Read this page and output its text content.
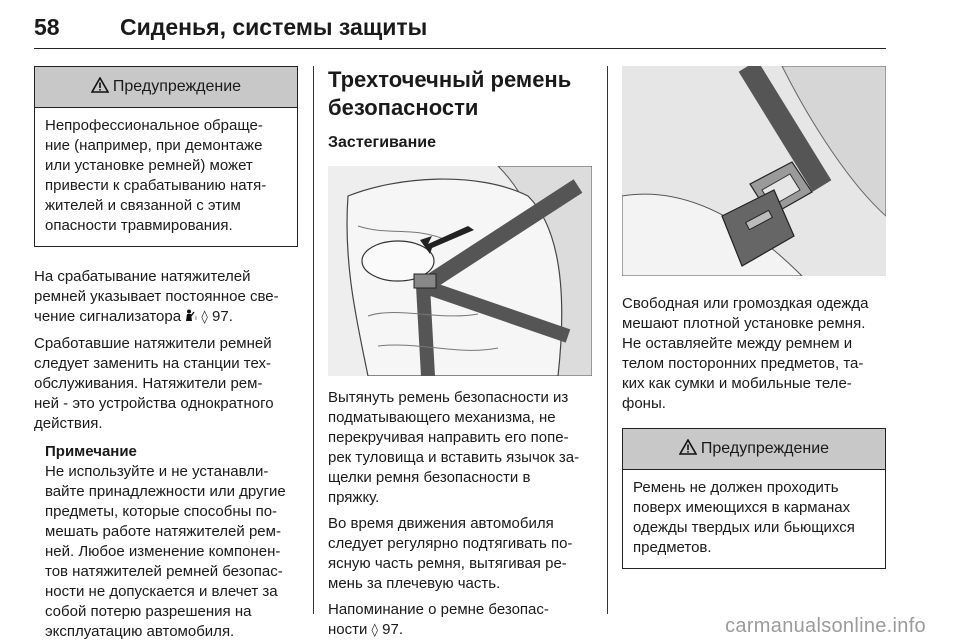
58	Сиденья, системы защиты
Предупреждение
Непрофессиональное обраще-
ние (например, при демонтаже
или установке ремней) может
привести к срабатыванию натя-
жителей и связанной с этим
опасности травмирования.

На срабатывание натяжителей
ремней указывает постоянное све-
чение сигнализатора ◊ 97.

Сработавшие натяжители ремней
следует заменить на станции тех-
обслуживания. Натяжители рем-
ней - это устройства однократного
действия.

Примечание

Не используйте и не устанавли-
вайте принадлежности или другие
предметы, которые способны по-
мешать работе натяжителей рем-
ней. Любое изменение компонен-
тов натяжителей ремней безопас-
ности не допускается и влечет за
собой потерю разрешения на
эксплуатацию автомобиля.

Трехточечный ремень
безопасности
Застегивание

Вытянуть ремень безопасности из
подматывающего механизма, не
перекручивая направить его попе-
рек туловища и вставить язычок за-
щелки ремня безопасности в
пряжку.

Во время движения автомобиля
следует регулярно подтягивать по-
ясную часть ремня, вытягивая ре-
мень за плечевую часть.

Напоминание о ремне безопас-
ности ◊ 97.

Свободная или громоздкая одежда
мешают плотной установке ремня.
Не оставляейте между ремнем и
телом посторонних предметов, та-
ких как сумки и мобильные теле-
фоны.

Предупреждение
Ремень не должен проходить
поверх имеющихся в карманах
одежды твердых или бьющихся
предметов.
carmanualsonline.info
